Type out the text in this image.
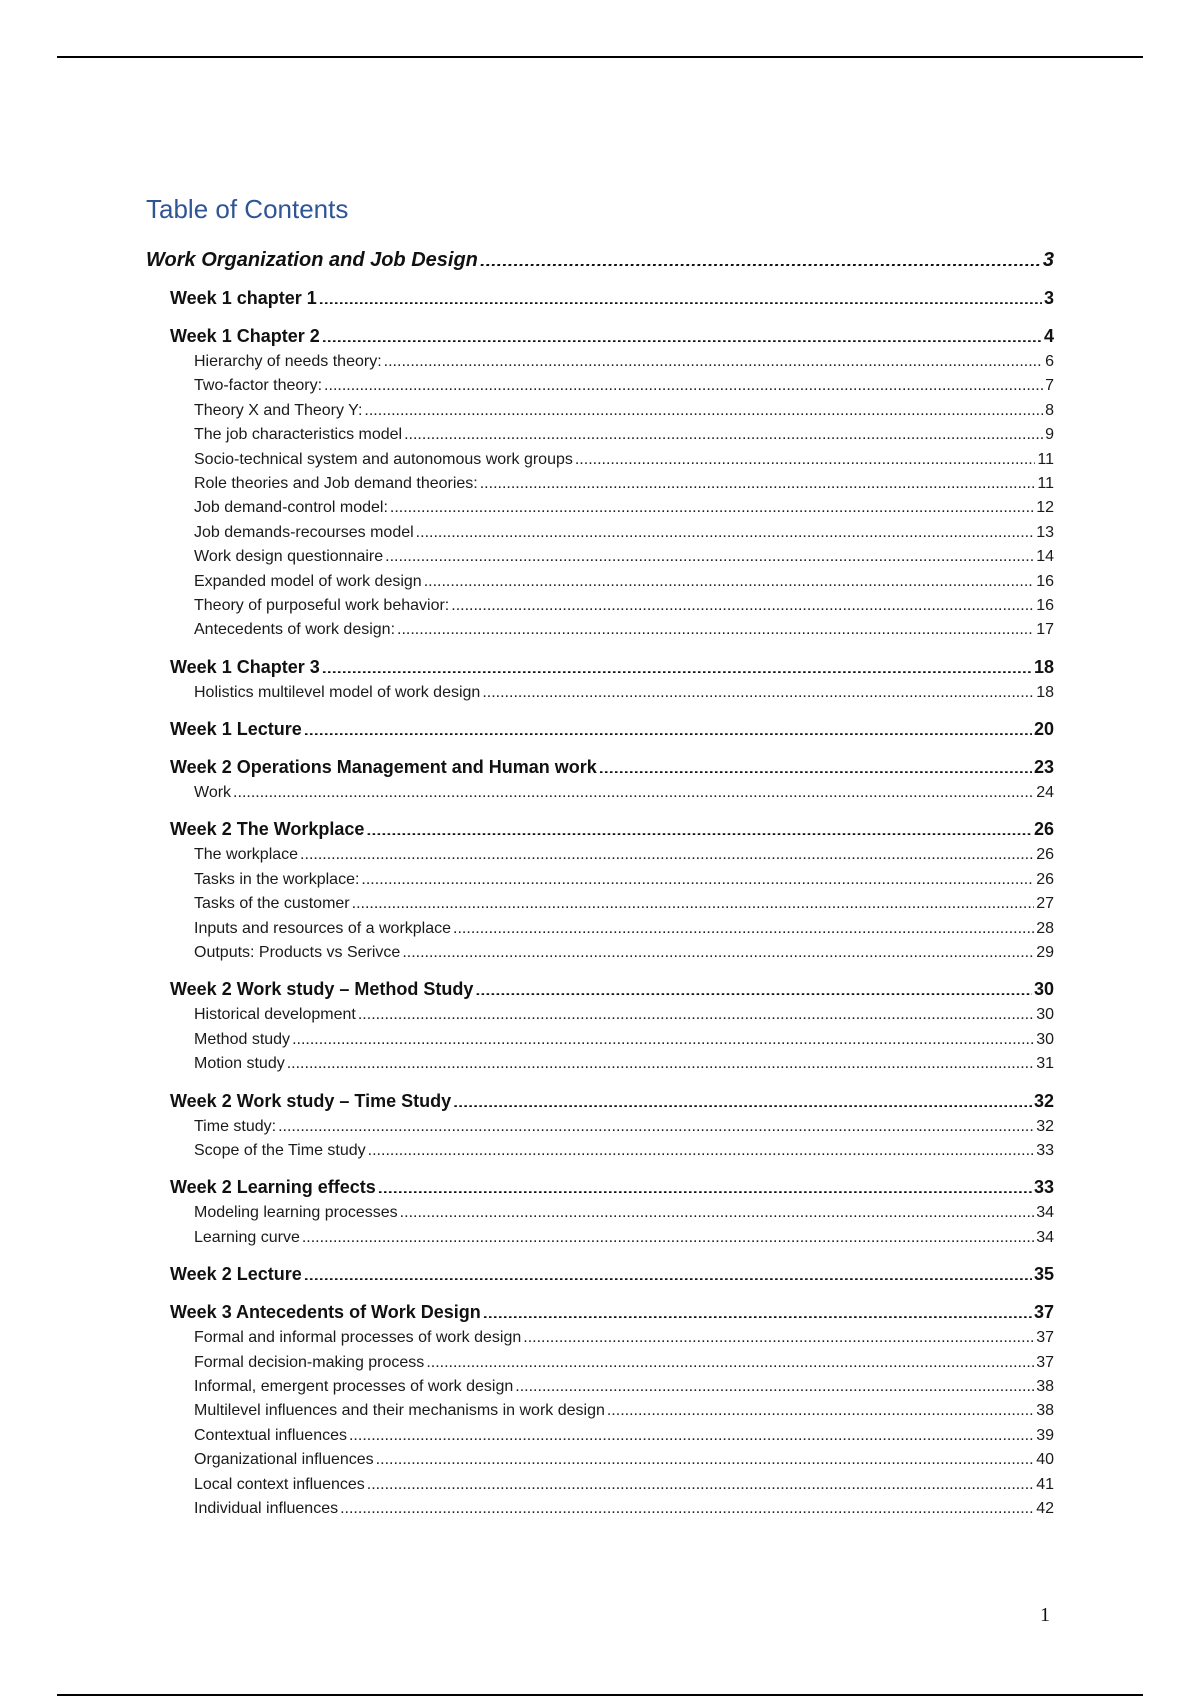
Table of Contents
Work Organization and Job Design .....	3
Week 1 chapter 1 .....	3
Week 1 Chapter 2 .....	4
Hierarchy of needs theory: .....	6
Two-factor theory: .....	7
Theory X and Theory Y: .....	8
The job characteristics model .....	9
Socio-technical system and autonomous work groups .....	11
Role theories and Job demand theories: .....	11
Job demand-control model: .....	12
Job demands-recourses model .....	13
Work design questionnaire .....	14
Expanded model of work design .....	16
Theory of purposeful work behavior: .....	16
Antecedents of work design: .....	17
Week 1 Chapter 3 .....	18
Holistics multilevel model of work design .....	18
Week 1 Lecture .....	20
Week 2 Operations Management and Human work .....	23
Work .....	24
Week 2 The Workplace .....	26
The workplace .....	26
Tasks in the workplace: .....	26
Tasks of the customer .....	27
Inputs and resources of a workplace .....	28
Outputs: Products vs Serivce .....	29
Week 2 Work study – Method Study .....	30
Historical development .....	30
Method study .....	30
Motion study .....	31
Week 2 Work study – Time Study .....	32
Time study: .....	32
Scope of the Time study .....	33
Week 2 Learning effects .....	33
Modeling learning processes .....	34
Learning curve .....	34
Week 2 Lecture .....	35
Week 3 Antecedents of Work Design .....	37
Formal and informal processes of work design .....	37
Formal decision-making process .....	37
Informal, emergent processes of work design .....	38
Multilevel influences and their mechanisms in work design .....	38
Contextual influences .....	39
Organizational influences .....	40
Local context influences .....	41
Individual influences .....	42
1
